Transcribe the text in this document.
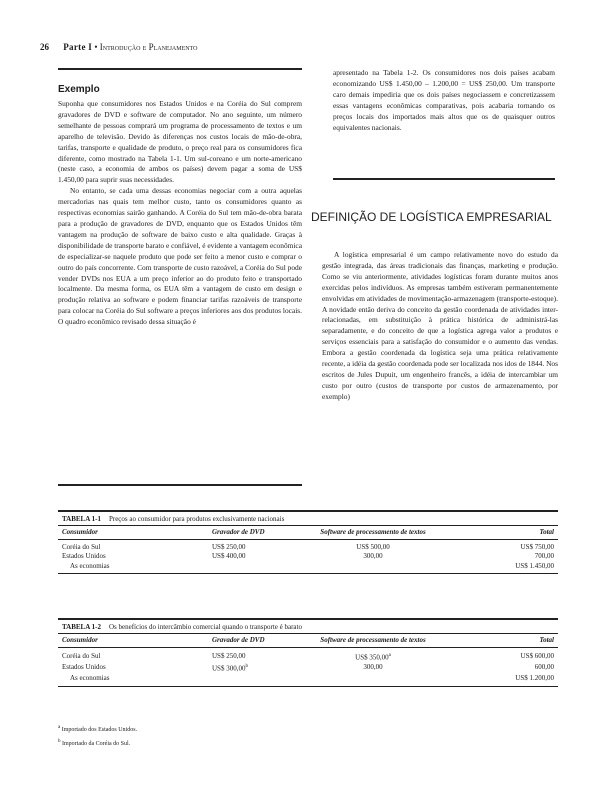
26 Parte I • Introdução e Planejamento
Exemplo

Suponha que consumidores nos Estados Unidos e na Coréia do Sul comprem gravadores de DVD e software de computador. No ano seguinte, um número semelhante de pessoas comprará um programa de processamento de textos e um aparelho de televisão. Devido às diferenças nos custos locais de mão-de-obra, tarifas, transporte e qualidade de produto, o preço real para os consumidores fica diferente, como mostrado na Tabela 1-1. Um sul-coreano e um norte-americano (neste caso, a economia de ambos os países) devem pagar a soma de US$ 1.450,00 para suprir suas necessidades.

No entanto, se cada uma dessas economias negociar com a outra aquelas mercadorias nas quais tem melhor custo, tanto os consumidores quanto as respectivas economias sairão ganhando. A Coréia do Sul tem mão-de-obra barata para a produção de gravadores de DVD, enquanto que os Estados Unidos têm vantagem na produção de software de baixo custo e alta qualidade. Graças à disponibilidade de transporte barato e confiável, é evidente a vantagem econômica de especializar-se naquele produto que pode ser feito a menor custo e comprar o outro do país concorrente. Com transporte de custo razoável, a Coréia do Sul pode vender DVDs nos EUA a um preço inferior ao do produto feito e transportado localmente. Da mesma forma, os EUA têm a vantagem de custo em design e produção relativa ao software e podem financiar tarifas razoáveis de transporte para colocar na Coréia do Sul software a preços inferiores aos dos produtos locais. O quadro econômico revisado dessa situação é

apresentado na Tabela 1-2. Os consumidores nos dois países acabam economizando US$ 1.450,00 – 1.200,00 = US$ 250,00. Um transporte caro demais impediria que os dois países negociassem e concretizassem essas vantagens econômicas comparativas, pois acabaria tornando os preços locais dos importados mais altos que os de quaisquer outros equivalentes nacionais.

DEFINIÇÃO DE LOGÍSTICA EMPRESARIAL

A logística empresarial é um campo relativamente novo do estudo da gestão integrada, das áreas tradicionais das finanças, marketing e produção. Como se viu anteriormente, atividades logísticas foram durante muitos anos exercidas pelos indivíduos. As empresas também estiveram permanentemente envolvidas em atividades de movimentação-armazenagem (transporte-estoque). A novidade então deriva do conceito da gestão coordenada de atividades inter-relacionadas, em substituição à prática histórica de administrá-las separadamente, e do conceito de que a logística agrega valor a produtos e serviços essenciais para a satisfação do consumidor e o aumento das vendas. Embora a gestão coordenada da logística seja uma prática relativamente recente, a idéia da gestão coordenada pode ser localizada nos idos de 1844. Nos escritos de Jules Dupuit, um engenheiro francês, a idéia de intercambiar um custo por outro (custos de transporte por custos de armazenamento, por exemplo)

TABELA 1-1 Preços ao consumidor para produtos exclusivamente nacionais
Consumidor	Gravador de DVD	Software de processamento de textos	Total
Coréia do Sul	US$ 250,00	US$ 500,00	US$ 750,00
Estados Unidos	US$ 400,00	300,00	700,00
As economias			US$ 1.450,00
TABELA 1-2 Os benefícios do intercâmbio comercial quando o transporte é barato
Consumidor	Gravador de DVD	Software de processamento de textos	Total
Coréia do Sul	US$ 250,00	US$ 350,00$^a$	US$ 600,00
Estados Unidos	US$ 300,00$^b$	300,00	600,00
As economias			US$ 1.200,00
$^a$ Importado dos Estados Unidos.
$^b$ Importado da Coréia do Sul.
